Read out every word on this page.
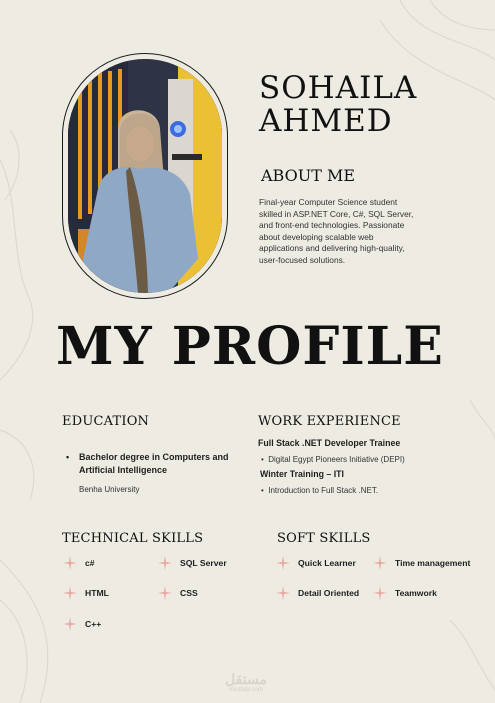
SOHAILA
AHMED
ABOUT ME
Final-year Computer Science student skilled in ASP.NET Core, C#, SQL Server, and front-end technologies. Passionate about developing scalable web applications and delivering high-quality, user-focused solutions.
MY PROFILE
EDUCATION
• Bachelor degree in Computers and Artificial Intelligence
Benha University
WORK EXPERIENCE
Full Stack .NET Developer Trainee
•  Digital Egypt Pioneers Initiative (DEPI)
Winter Training – ITI
•  Introduction to Full Stack .NET.
TECHNICAL SKILLS
c#	SQL Server
HTML	CSS
C++
SOFT SKILLS
Quick Learner	Time management
Detail Oriented	Teamwork
مستقل
mostaql.com
